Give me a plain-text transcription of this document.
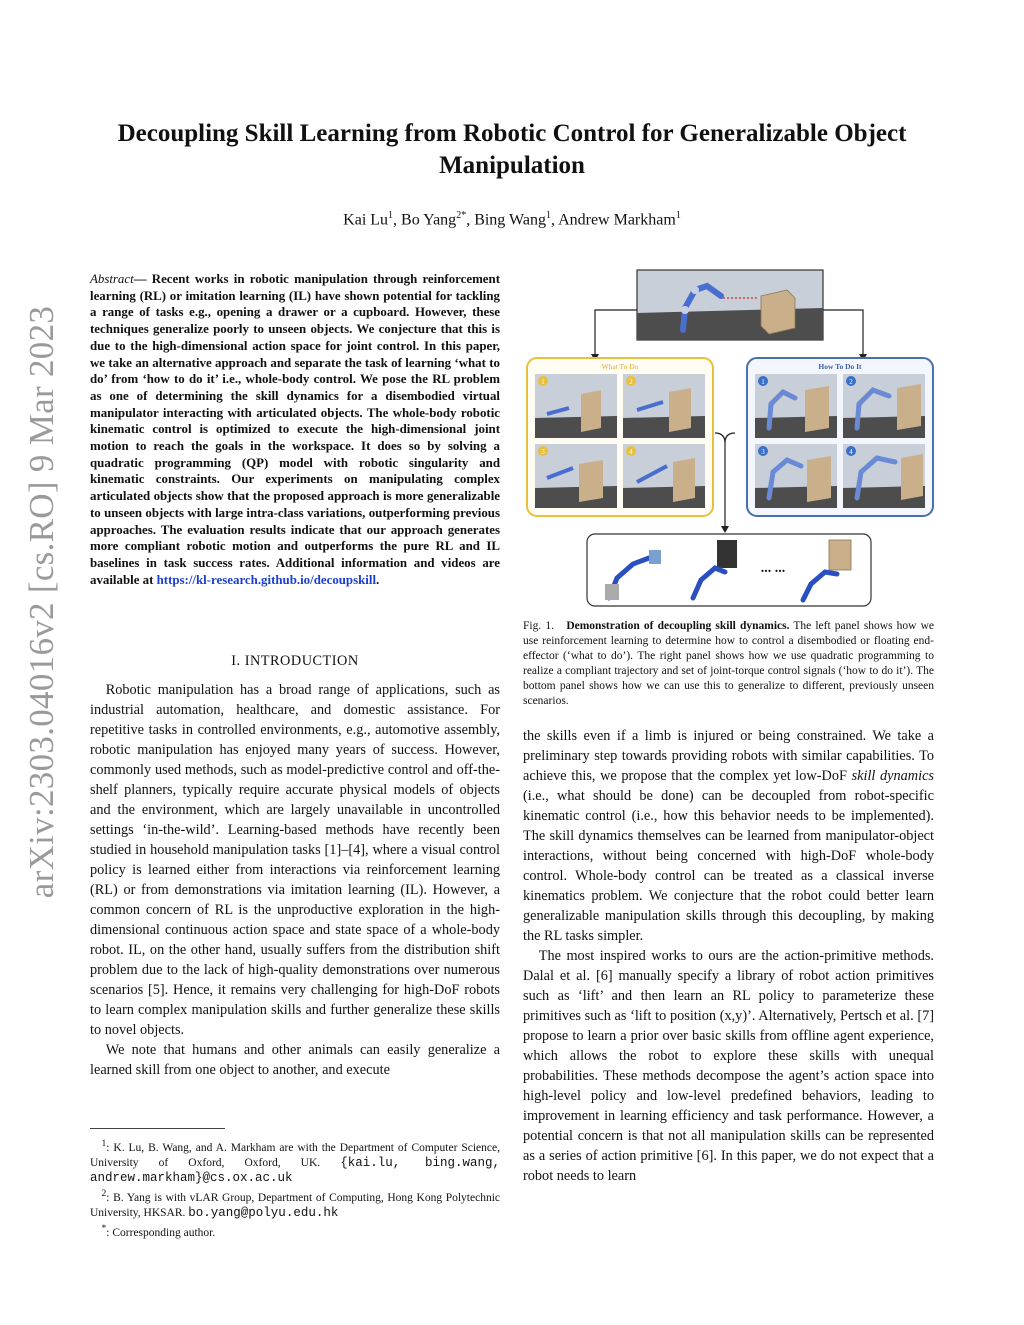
arXiv:2303.04016v2 [cs.RO] 9 Mar 2023
Decoupling Skill Learning from Robotic Control for Generalizable Object Manipulation
Kai Lu$^1$, Bo Yang$^{2*}$, Bing Wang$^1$, Andrew Markham$^1$
Abstract— Recent works in robotic manipulation through reinforcement learning (RL) or imitation learning (IL) have shown potential for tackling a range of tasks e.g., opening a drawer or a cupboard. However, these techniques generalize poorly to unseen objects. We conjecture that this is due to the high-dimensional action space for joint control. In this paper, we take an alternative approach and separate the task of learning ‘what to do’ from ‘how to do it’ i.e., whole-body control. We pose the RL problem as one of determining the skill dynamics for a disembodied virtual manipulator interacting with articulated objects. The whole-body robotic kinematic control is optimized to execute the high-dimensional joint motion to reach the goals in the workspace. It does so by solving a quadratic programming (QP) model with robotic singularity and kinematic constraints. Our experiments on manipulating complex articulated objects show that the proposed approach is more generalizable to unseen objects with large intra-class variations, outperforming previous approaches. The evaluation results indicate that our approach generates more compliant robotic motion and outperforms the pure RL and IL baselines in task success rates. Additional information and videos are available at https://kl-research.github.io/decoupskill.
I. INTRODUCTION

Robotic manipulation has a broad range of applications, such as industrial automation, healthcare, and domestic assistance. For repetitive tasks in controlled environments, e.g., automotive assembly, robotic manipulation has enjoyed many years of success. However, commonly used methods, such as model-predictive control and off-the-shelf planners, typically require accurate physical models of objects and the environment, which are largely unavailable in uncontrolled settings ‘in-the-wild’. Learning-based methods have recently been studied in household manipulation tasks [1]–[4], where a visual control policy is learned either from interactions via reinforcement learning (RL) or from demonstrations via imitation learning (IL). However, a common concern of RL is the unproductive exploration in the high-dimensional continuous action space and state space of a whole-body robot. IL, on the other hand, usually suffers from the distribution shift problem due to the lack of high-quality demonstrations over numerous scenarios [5]. Hence, it remains very challenging for high-DoF robots to learn complex manipulation skills and further generalize these skills to novel objects.

We note that humans and other animals can easily generalize a learned skill from one object to another, and execute

$^1$: K. Lu, B. Wang, and A. Markham are with the Department of Computer Science, University of Oxford, Oxford, UK. {kai.lu, bing.wang, andrew.markham}@cs.ox.ac.uk
$^2$: B. Yang is with vLAR Group, Department of Computing, Hong Kong Polytechnic University, HKSAR. bo.yang@polyu.edu.hk
*: Corresponding author.
What To Do
1	2
3	4
How To Do It
1	2
3	4
... ...
Fig. 1. Demonstration of decoupling skill dynamics. The left panel shows how we use reinforcement learning to determine how to control a disembodied or floating end-effector (‘what to do’). The right panel shows how we use quadratic programming to realize a compliant trajectory and set of joint-torque control signals (‘how to do it’). The bottom panel shows how we can use this to generalize to different, previously unseen scenarios.

the skills even if a limb is injured or being constrained. We take a preliminary step towards providing robots with similar capabilities. To achieve this, we propose that the complex yet low-DoF skill dynamics (i.e., what should be done) can be decoupled from robot-specific kinematic control (i.e., how this behavior needs to be implemented). The skill dynamics themselves can be learned from manipulator-object interactions, without being concerned with high-DoF whole-body control. Whole-body control can be treated as a classical inverse kinematics problem. We conjecture that the robot could better learn generalizable manipulation skills through this decoupling, by making the RL tasks simpler.

The most inspired works to ours are the action-primitive methods. Dalal et al. [6] manually specify a library of robot action primitives such as ‘lift’ and then learn an RL policy to parameterize these primitives such as ‘lift to position (x,y)’. Alternatively, Pertsch et al. [7] propose to learn a prior over basic skills from offline agent experience, which allows the robot to explore these skills with unequal probabilities. These methods decompose the agent’s action space into high-level policy and low-level predefined behaviors, leading to improvement in learning efficiency and task performance. However, a potential concern is that not all manipulation skills can be represented as a series of action primitive [6]. In this paper, we do not expect that a robot needs to learn
